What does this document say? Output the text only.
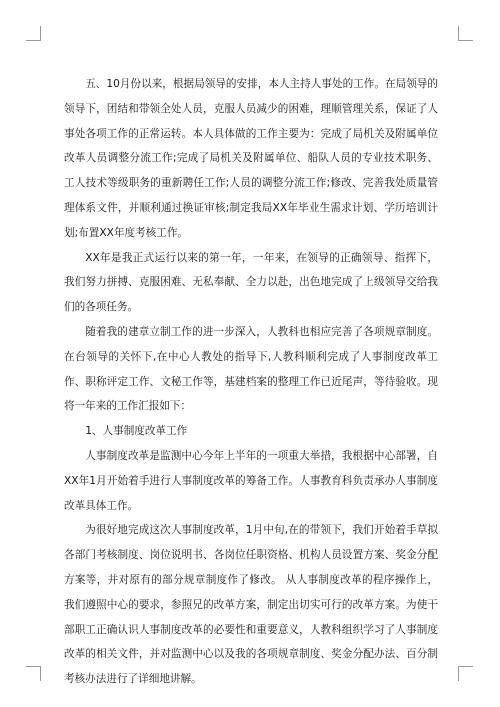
五、10月份以来，根据局领导的安排，本人主持人事处的工作。在局领导的领导下，团结和带领全处人员，克服人员减少的困难，理顺管理关系，保证了人事处各项工作的正常运转。本人具体做的工作主要为：完成了局机关及附属单位改革人员调整分流工作;完成了局机关及附属单位、船队人员的专业技术职务、工人技术等级职务的重新聘任工作;人员的调整分流工作;修改、完善我处质量管理体系文件，并顺利通过换证审核;制定我局XX年毕业生需求计划、学历培训计划;布置XX年度考核工作。

XX年是我正式运行以来的第一年，一年来，在领导的正确领导、指挥下，我们努力拼搏、克服困难、无私奉献、全力以赴，出色地完成了上级领导交给我们的各项任务。

随着我的建章立制工作的进一步深入，人教科也相应完善了各项规章制度。在台领导的关怀下,在中心人教处的指导下,人教科顺利完成了人事制度改革工作、职称评定工作、文秘工作等，基建档案的整理工作已近尾声，等待验收。现将一年来的工作汇报如下：

1、人事制度改革工作

人事制度改革是监测中心今年上半年的一项重大举措，我根据中心部署，自XX年1月开始着手进行人事制度改革的筹备工作。人事教育科负责承办人事制度改革具体工作。

为很好地完成这次人事制度改革，1月中旬,在的带领下，我们开始着手草拟各部门考核制度、岗位说明书、各岗位任职资格、机构人员设置方案、奖金分配方案等，并对原有的部分规章制度作了修改。 从人事制度改革的程序操作上，我们遵照中心的要求，参照兄的改革方案，制定出切实可行的改革方案。为使干部职工正确认识人事制度改革的必要性和重要意义，人教科组织学习了人事制度改革的相关文件，并对监测中心以及我的各项规章制度、奖金分配办法、百分制考核办法进行了详细地讲解。
